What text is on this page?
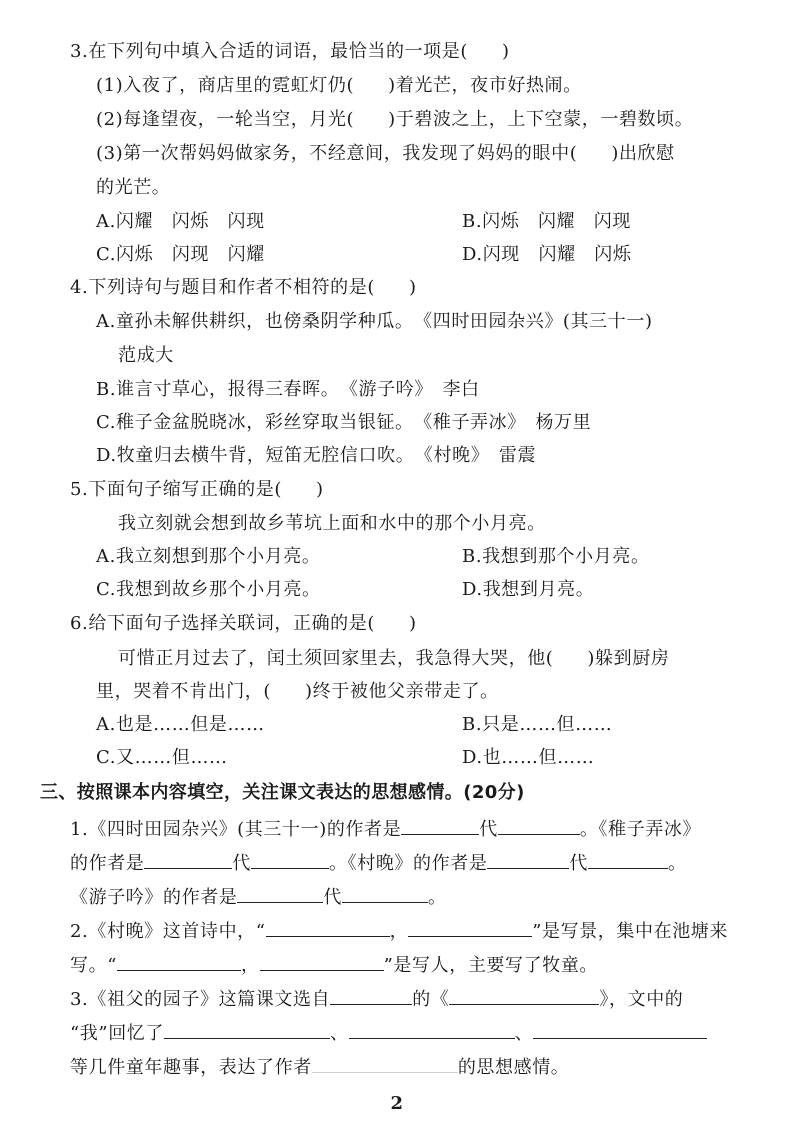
3.在下列句中填入合适的词语，最恰当的一项是( )
(1)入夜了，商店里的霓虹灯仍( )着光芒，夜市好热闹。
(2)每逢望夜，一轮当空，月光( )于碧波之上，上下空蒙，一碧数顷。
(3)第一次帮妈妈做家务，不经意间，我发现了妈妈的眼中( )出欣慰
的光芒。
A.闪耀　闪烁　闪现	B.闪烁　闪耀　闪现
C.闪烁　闪现　闪耀	D.闪现　闪耀　闪烁
4.下列诗句与题目和作者不相符的是( )
A.童孙未解供耕织，也傍桑阴学种瓜。　《四时田园杂兴》(其三十一)
范成大
B.谁言寸草心，报得三春晖。　《游子吟》　李白
C.稚子金盆脱晓冰，彩丝穿取当银钲。　《稚子弄冰》　杨万里
D.牧童归去横牛背，短笛无腔信口吹。　《村晚》　雷震
5.下面句子缩写正确的是( )
我立刻就会想到故乡苇坑上面和水中的那个小月亮。
A.我立刻想到那个小月亮。	B.我想到那个小月亮。
C.我想到故乡那个小月亮。	D.我想到月亮。
6.给下面句子选择关联词，正确的是( )
可惜正月过去了，闰土须回家里去，我急得大哭，他( )躲到厨房
里，哭着不肯出门，( )终于被他父亲带走了。
A.也是……但是……	B.只是……但……
C.又……但……	D.也……但……
三、按照课本内容填空，关注课文表达的思想感情。(20分)
1.《四时田园杂兴》(其三十一)的作者是	代	。《稚子弄冰》
的作者是	代	。《村晚》的作者是	代	。
《游子吟》的作者是	代	。
2.《村晚》这首诗中，“	，	”是写景，集中在池塘来
写。“	，	”是写人，主要写了牧童。
3.《祖父的园子》这篇课文选自	的《	》，文中的
“我”回忆了	、	、
等几件童年趣事，表达了作者	的思想感情。
2
